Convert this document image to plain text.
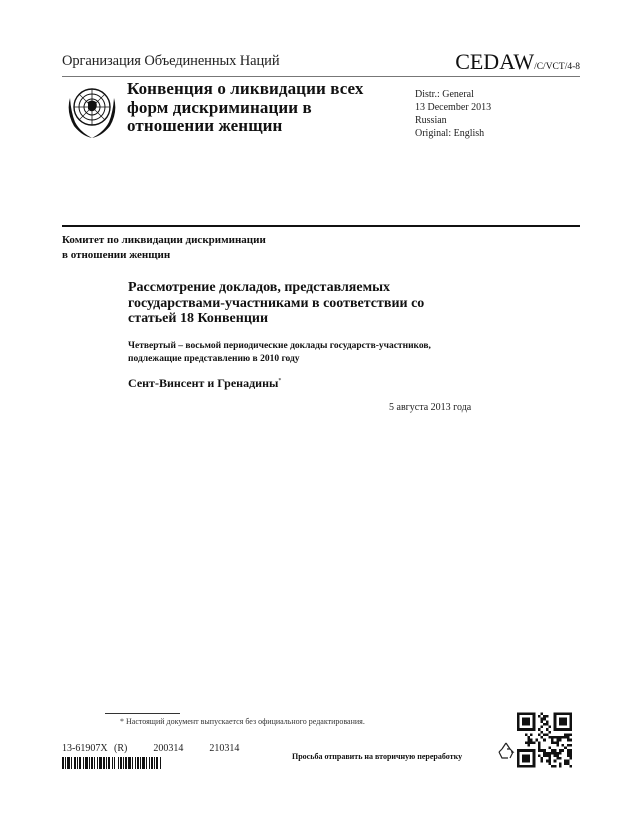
Организация Объединенных Наций	CEDAW/C/VCT/4-8
Конвенция о ликвидации всех
форм дискриминации в
отношении женщин
Distr.: General
13 December 2013
Russian
Original: English
Комитет по ликвидации дискриминации
в отношении женщин
Рассмотрение докладов, представляемых
государствами-участниками в соответствии со
статьей 18 Конвенции
Четвертый – восьмой периодические доклады государств-участников,
подлежащие представлению в 2010 году
Сент-Винсент и Гренадины*
5 августа 2013 года
* Настоящий документ выпускается без официального редактирования.
13-61907X (R)    200314    210314
Просьба отправить на вторичную переработку
